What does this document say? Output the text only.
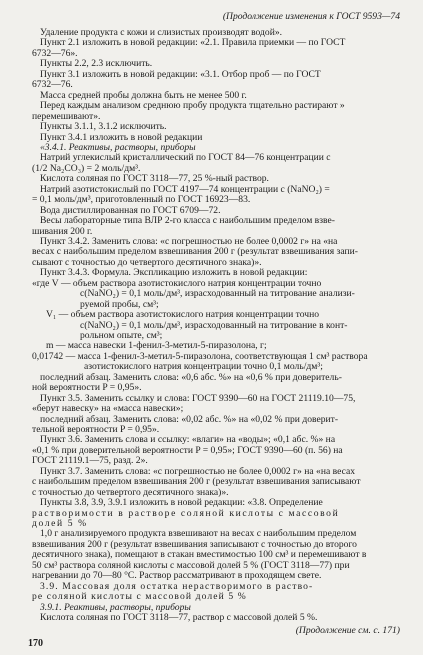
(Продолжение изменения к ГОСТ 9593—74
Удаление продукта с кожи и слизистых производят водой».
Пункт 2.1 изложить в новой редакции: «2.1. Правила приемки — по ГОСТ
6732—76».
Пункты 2.2, 2.3 исключить.
Пункт 3.1 изложить в новой редакции: «3.1. Отбор проб — по ГОСТ
6732—76.
Масса средней пробы должна быть не менее 500 г.
Перед каждым анализом среднюю пробу продукта тщательно растирают »
перемешивают».
Пункты 3.1.1, 3.1.2 исключить.
Пункт 3.4.1 изложить в новой редакции
«3.4.1. Реактивы, растворы, приборы
Натрий углекислый кристаллический по ГОСТ 84—76 концентрации с
(1/2 Na₂CO₃) = 2 моль/дм³.
Кислота соляная по ГОСТ 3118—77, 25 %-ный раствор.
Натрий азотистокислый по ГОСТ 4197—74 концентрации с (NaNO₂) =
= 0,1 моль/дм³, приготовленный по ГОСТ 16923—83.
Вода дистиллированная по ГОСТ 6709—72.
Весы лабораторные типа ВЛР 2-го класса с наибольшим пределом взве-
шивания 200 г.
Пункт 3.4.2. Заменить слова: «с погрешностью не более 0,0002 г» на «на
весах с наибольшим пределом взвешивания 200 г (результат взвешивания запи-
сывают с точностью до четвертого десятичного знака)».
Пункт 3.4.3. Формула. Экспликацию изложить в новой редакции:
«где V — объем раствора азотистокислого натрия концентрации точно
с(NaNO₂) = 0,1 моль/дм³, израсходованный на титрование анализи-
руемой пробы, см³;
V₁ — объем раствора азотистокислого натрия концентрации точно
с(NaNO₂) = 0,1 моль/дм³, израсходованный на титрование в конт-
рольном опыте, см³;
m — масса навески 1-фенил-3-метил-5-пиразолона, г;
0,01742 — масса 1-фенил-3-метил-5-пиразолона, соответствующая 1 см³ раствора
азотистокислого натрия концентрации точно 0,1 моль/дм³;
последний абзац. Заменить слова: «0,6 абс. %» на «0,6 % при доверитель-
ной вероятности P = 0,95».
Пункт 3.5. Заменить ссылку и слова: ГОСТ 9390—60 на ГОСТ 21119.10—75,
«берут навеску» на «масса навески»;
последний абзац. Заменить слова: «0,02 абс. %» на «0,02 % при доверит-
тельной вероятности P = 0,95».
Пункт 3.6. Заменить слова и ссылку: «влаги» на «воды»; «0,1 абс. %» на
«0,1 % при доверительной вероятности P = 0,95»; ГОСТ 9390—60 (п. 56) на
ГОСТ 21119.1—75, разд. 2».
Пункт 3.7. Заменить слова: «с погрешностью не более 0,0002 г» на «на весах
с наибольшим пределом взвешивания 200 г (результат взвешивания записывают
с точностью до четвертого десятичного знака)».
Пункты 3.8, 3.9, 3.9.1 изложить в новой редакции: «3.8. Определение
растворимости в растворе соляной кислоты с массовой
долей 5 %
1,0 г анализируемого продукта взвешивают на весах с наибольшим пределом
взвешивания 200 г (результат взвешивания записывают с точностью до второго
десятичного знака), помещают в стакан вместимостью 100 см³ и перемешивают в
50 см³ раствора соляной кислоты с массовой долей 5 % (ГОСТ 3118—77) при
нагревании до 70—80 °С. Раствор рассматривают в проходящем свете.
3.9. Массовая доля остатка нерастворимого в раство-
ре соляной кислоты с массовой долей 5 %
3.9.1. Реактивы, растворы, приборы
Кислота соляная по ГОСТ 3118—77, раствор с массовой долей 5 %.
170
(Продолжение см. с. 171)
